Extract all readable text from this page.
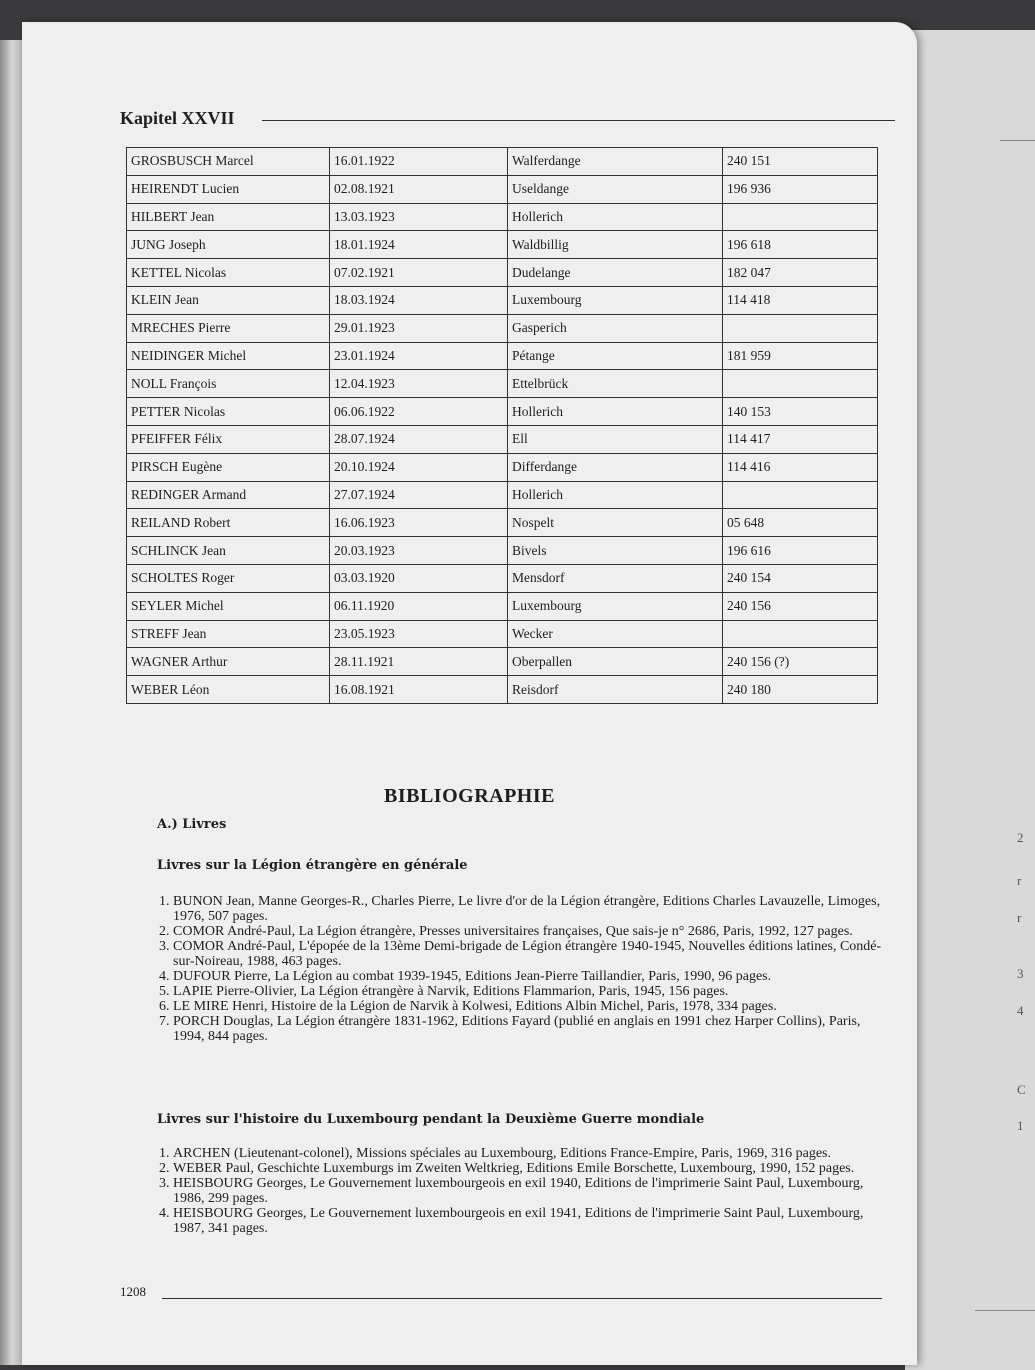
2
r
r
3
4
C
1
Kapitel XXVII
GROSBUSCH Marcel	16.01.1922	Walferdange	240 151
HEIRENDT Lucien	02.08.1921	Useldange	196 936
HILBERT Jean	13.03.1923	Hollerich	
JUNG Joseph	18.01.1924	Waldbillig	196 618
KETTEL Nicolas	07.02.1921	Dudelange	182 047
KLEIN Jean	18.03.1924	Luxembourg	114 418
MRECHES Pierre	29.01.1923	Gasperich	
NEIDINGER Michel	23.01.1924	Pétange	181 959
NOLL François	12.04.1923	Ettelbrück	
PETTER Nicolas	06.06.1922	Hollerich	140 153
PFEIFFER Félix	28.07.1924	Ell	114 417
PIRSCH Eugène	20.10.1924	Differdange	114 416
REDINGER Armand	27.07.1924	Hollerich	
REILAND Robert	16.06.1923	Nospelt	05 648
SCHLINCK Jean	20.03.1923	Bivels	196 616
SCHOLTES Roger	03.03.1920	Mensdorf	240 154
SEYLER Michel	06.11.1920	Luxembourg	240 156
STREFF Jean	23.05.1923	Wecker	
WAGNER Arthur	28.11.1921	Oberpallen	240 156 (?)
WEBER Léon	16.08.1921	Reisdorf	240 180
BIBLIOGRAPHIE
A.) Livres
Livres sur la Légion étrangère en générale
1. BUNON Jean, Manne Georges-R., Charles Pierre, Le livre d'or de la Légion étrangère, Editions Charles Lavauzelle, Limoges, 1976, 507 pages.
2. COMOR André-Paul, La Légion étrangère, Presses universitaires françaises, Que sais-je n° 2686, Paris, 1992, 127 pages.
3. COMOR André-Paul, L'épopée de la 13ème Demi-brigade de Légion étrangère 1940-1945, Nouvelles éditions latines, Condé-sur-Noireau, 1988, 463 pages.
4. DUFOUR Pierre, La Légion au combat 1939-1945, Editions Jean-Pierre Taillandier, Paris, 1990, 96 pages.
5. LAPIE Pierre-Olivier, La Légion étrangère à Narvik, Editions Flammarion, Paris, 1945, 156 pages.
6. LE MIRE Henri, Histoire de la Légion de Narvik à Kolwesi, Editions Albin Michel, Paris, 1978, 334 pages.
7. PORCH Douglas, La Légion étrangère 1831-1962, Editions Fayard (publié en anglais en 1991 chez Harper Collins), Paris, 1994, 844 pages.
Livres sur l'histoire du Luxembourg pendant la Deuxième Guerre mondiale
1. ARCHEN (Lieutenant-colonel), Missions spéciales au Luxembourg, Editions France-Empire, Paris, 1969, 316 pages.
2. WEBER Paul, Geschichte Luxemburgs im Zweiten Weltkrieg, Editions Emile Borschette, Luxembourg, 1990, 152 pages.
3. HEISBOURG Georges, Le Gouvernement luxembourgeois en exil 1940, Editions de l'imprimerie Saint Paul, Luxembourg, 1986, 299 pages.
4. HEISBOURG Georges, Le Gouvernement luxembourgeois en exil 1941, Editions de l'imprimerie Saint Paul, Luxembourg, 1987, 341 pages.
1208
